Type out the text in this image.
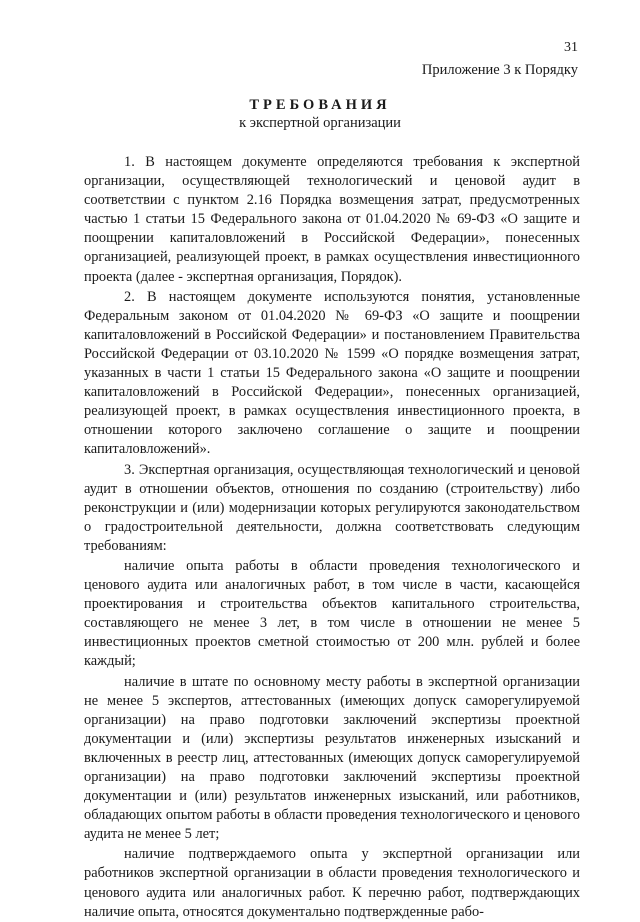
31
Приложение 3 к Порядку
ТРЕБОВАНИЯ
к экспертной организации

1. В настоящем документе определяются требования к экспертной организации, осуществляющей технологический и ценовой аудит в соответствии с пунктом 2.16 Порядка возмещения затрат, предусмотренных частью 1 статьи 15 Федерального закона от 01.04.2020 № 69-ФЗ «О защите и поощрении капиталовложений в Российской Федерации», понесенных организацией, реализующей проект, в рамках осуществления инвестиционного проекта (далее - экспертная организация, Порядок).

2. В настоящем документе используются понятия, установленные Федеральным законом от 01.04.2020 № 69-ФЗ «О защите и поощрении капиталовложений в Российской Федерации» и постановлением Правительства Российской Федерации от 03.10.2020 № 1599 «О порядке возмещения затрат, указанных в части 1 статьи 15 Федерального закона «О защите и поощрении капиталовложений в Российской Федерации», понесенных организацией, реализующей проект, в рамках осуществления инвестиционного проекта, в отношении которого заключено соглашение о защите и поощрении капиталовложений».

3. Экспертная организация, осуществляющая технологический и ценовой аудит в отношении объектов, отношения по созданию (строительству) либо реконструкции и (или) модернизации которых регулируются законодательством о градостроительной деятельности, должна соответствовать следующим требованиям:

наличие опыта работы в области проведения технологического и ценового аудита или аналогичных работ, в том числе в части, касающейся проектирования и строительства объектов капитального строительства, составляющего не менее 3 лет, в том числе в отношении не менее 5 инвестиционных проектов сметной стоимостью от 200 млн. рублей и более каждый;

наличие в штате по основному месту работы в экспертной организации не менее 5 экспертов, аттестованных (имеющих допуск саморегулируемой организации) на право подготовки заключений экспертизы проектной документации и (или) экспертизы результатов инженерных изысканий и включенных в реестр лиц, аттестованных (имеющих допуск саморегулируемой организации) на право подготовки заключений экспертизы проектной документации и (или) результатов инженерных изысканий, или работников, обладающих опытом работы в области проведения технологического и ценового аудита не менее 5 лет;

наличие подтверждаемого опыта у экспертной организации или работников экспертной организации в области проведения технологического и ценового аудита или аналогичных работ. К перечню работ, подтверждающих наличие опыта, относятся документально подтвержденные рабо-
